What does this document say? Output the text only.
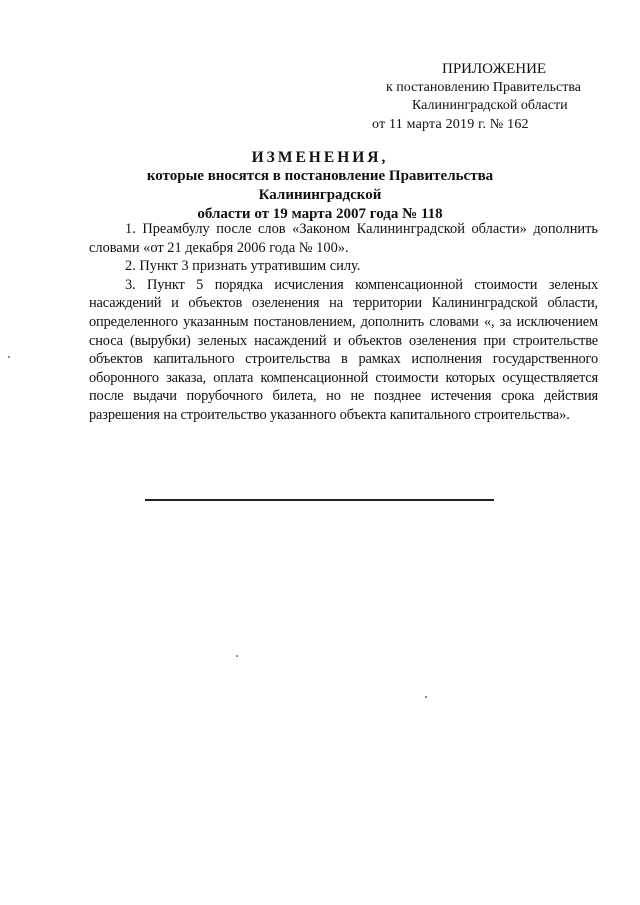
ПРИЛОЖЕНИЕ
к постановлению Правительства
Калининградской области
от 11 марта 2019 г. № 162
ИЗМЕНЕНИЯ,
которые вносятся в постановление Правительства Калининградской
области от 19 марта 2007 года № 118

1. Преамбулу после слов «Законом Калининградской области» дополнить словами «от 21 декабря 2006 года № 100».

2. Пункт 3 признать утратившим силу.

3. Пункт 5 порядка исчисления компенсационной стоимости зеленых насаждений и объектов озеленения на территории Калининградской области, определенного указанным постановлением, дополнить словами «, за исключением сноса (вырубки) зеленых насаждений и объектов озеленения при строительстве объектов капитального строительства в рамках исполнения государственного оборонного заказа, оплата компенсационной стоимости которых осуществляется после выдачи порубочного билета, но не позднее истечения срока действия разрешения на строительство указанного объекта капитального строительства».
